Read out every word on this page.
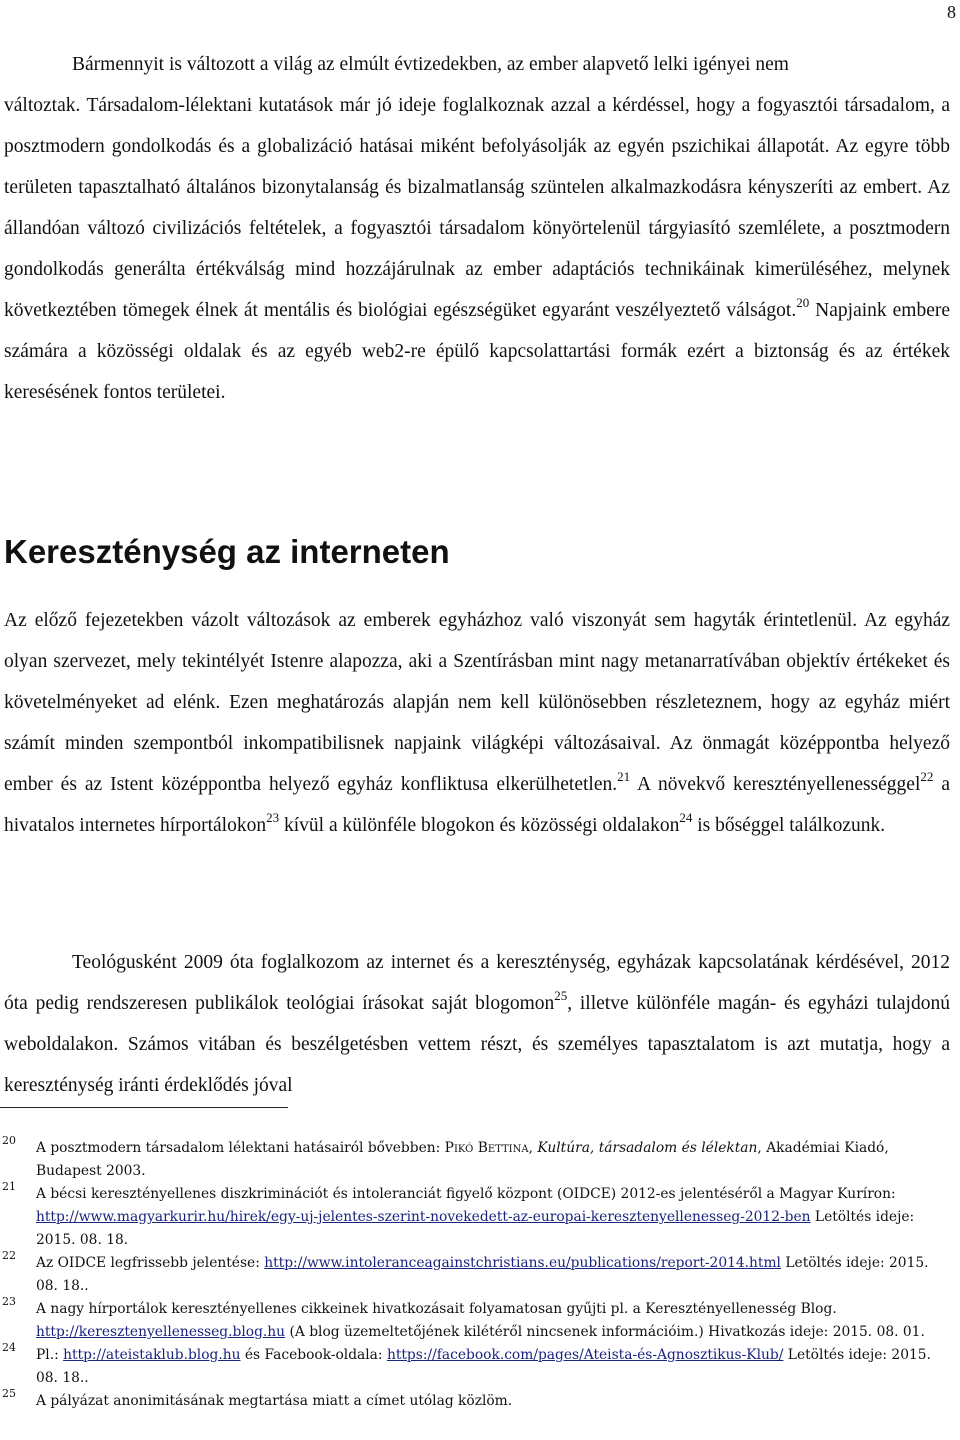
8
Bármennyit is változott a világ az elmúlt évtizedekben, az ember alapvető lelki igényei nem
változtak. Társadalom-lélektani kutatások már jó ideje foglalkoznak azzal a kérdéssel, hogy a fogyasztói társadalom, a posztmodern gondolkodás és a globalizáció hatásai miként befolyásolják az egyén pszichikai állapotát. Az egyre több területen tapasztalható általános bizonytalanság és bizalmatlanság szüntelen alkalmazkodásra kényszeríti az embert. Az állandóan változó civilizációs feltételek, a fogyasztói társadalom könyörtelenül tárgyiasító szemlélete, a posztmodern gondolkodás generálta értékválság mind hozzájárulnak az ember adaptációs technikáinak kimerüléséhez, melynek következtében tömegek élnek át mentális és biológiai egészségüket egyaránt veszélyeztető válságot.$^{20}$ Napjaink embere számára a közösségi oldalak és az egyéb web2-re épülő kapcsolattartási formák ezért a biztonság és az értékek keresésének fontos területei.
Kereszténység az interneten
Az előző fejezetekben vázolt változások az emberek egyházhoz való viszonyát sem hagyták érintetlenül. Az egyház olyan szervezet, mely tekintélyét Istenre alapozza, aki a Szentírásban mint nagy metanarratívában objektív értékeket és követelményeket ad elénk. Ezen meghatározás alapján nem kell különösebben részleteznem, hogy az egyház miért számít minden szempontból inkompatibilisnek napjaink világképi változásaival. Az önmagát középpontba helyező ember és az Istent középpontba helyező egyház konfliktusa elkerülhetetlen.$^{21}$ A növekvő keresztényellenességgel$^{22}$ a hivatalos internetes hírportálokon$^{23}$ kívül a különféle blogokon és közösségi oldalakon$^{24}$ is bőséggel találkozunk.
Teológusként 2009 óta foglalkozom az internet és a kereszténység, egyházak kapcsolatának kérdésével, 2012 óta pedig rendszeresen publikálok teológiai írásokat saját blogomon$^{25}$, illetve különféle magán- és egyházi tulajdonú weboldalakon. Számos vitában és beszélgetésben vettem részt, és személyes tapasztalatom is azt mutatja, hogy a kereszténység iránti érdeklődés jóval
20 A posztmodern társadalom lélektani hatásairól bővebben: Pikó Bettina, Kultúra, társadalom és lélektan, Akadémiai Kiadó, Budapest 2003.
21 A bécsi keresztényellenes diszkriminációt és intoleranciát figyelő központ (OIDCE) 2012-es jelentéséről a Magyar Kuríron: http://www.magyarkurir.hu/hirek/egy-uj-jelentes-szerint-novekedett-az-europai-keresztenyellenesseg-2012-ben Letöltés ideje: 2015. 08. 18.
22 Az OIDCE legfrissebb jelentése: http://www.intoleranceagainstchristians.eu/publications/report-2014.html Letöltés ideje: 2015. 08. 18..
23 A nagy hírportálok keresztényellenes cikkeinek hivatkozásait folyamatosan gyűjti pl. a Keresztényellenesség Blog. http://keresztenyellenesseg.blog.hu (A blog üzemeltetőjének kilétéről nincsenek információim.) Hivatkozás ideje: 2015. 08. 01.
24 Pl.: http://ateistaklub.blog.hu és Facebook-oldala: https://facebook.com/pages/Ateista-és-Agnosztikus-Klub/ Letöltés ideje: 2015. 08. 18..
25 A pályázat anonimitásának megtartása miatt a címet utólag közlöm.
